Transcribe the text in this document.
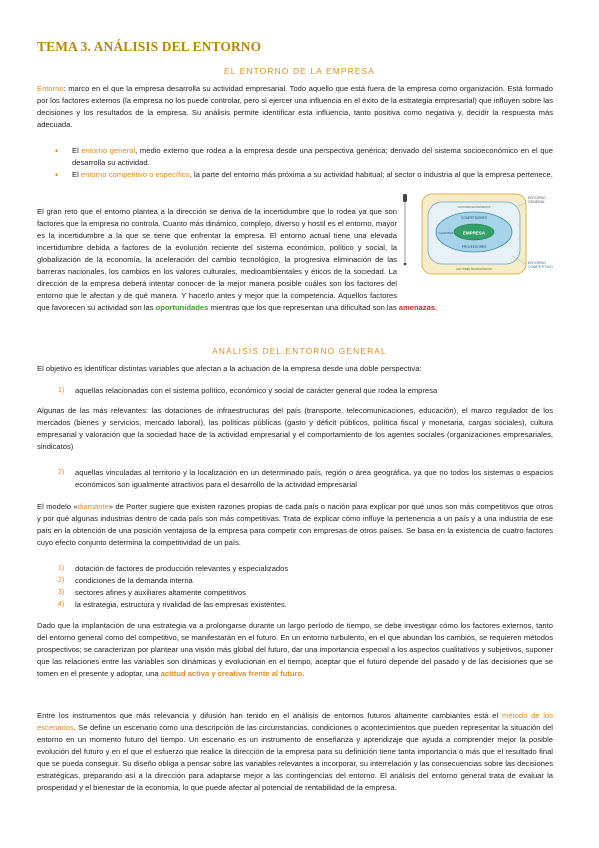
TEMA 3. ANÁLISIS DEL ENTORNO
EL ENTORNO DE LA EMPRESA
Entorno: marco en el que la empresa desarrolla su actividad empresarial. Todo aquello que está fuera de la empresa como organización. Está formado por los factores externos (la empresa no los puede controlar, pero si ejercer una influencia en el éxito de la estrategia empresarial) que influyen sobre las decisiones y los resultados de la empresa. Su análisis permite identificar esta influencia, tanto positiva como negativa y, decidir la respuesta más adecuada.
• El entorno general, medio externo que rodea a la empresa desde una perspectiva genérica; derivado del sistema socioeconómico en el que desarrolla su actividad.
• El entorno competitivo o específico, la parte del entorno más próxima a su actividad habitual; al sector o industria al que la empresa pertenece.
El gran reto que el entorno plantea a la dirección se deriva de la incertidumbre que lo rodea ya que son factores que la empresa no controla. Cuanto más dinámico, complejo, diverso y hostil es el entorno, mayor es la incertidumbre a la que se tiene que enfrentar la empresa. El entorno actual tiene una elevada incertidumbre debida a factores de la evolución reciente del sistema económico, político y social, la globalización de la economía, la aceleración del cambio tecnológico, la progresiva eliminación de las barreras nacionales, los cambios en los valores culturales, medioambientales y éticos de la sociedad. La dirección de la empresa deberá intentar conocer de la mejor manera posible cuáles son los factores del entorno que le afectan y de qué manera. Y hacerlo antes y mejor que la competencia. Aquellos factores que favorecen su actividad son las oportunidades mientras que los que representan una dificultad son las amenazas.
EMPRESA
COMPETIDORES
CLIENTES
PROVEEDORES
FACTORES ECONÓMICOS
FACTORES TECNOLÓGICOS
ENTORNO GENERAL
ENTORNO COMPETITIVO
ANÁLISIS DEL ENTORNO GENERAL
El objetivo es identificar distintas variables que afectan a la actuación de la empresa desde una doble perspectiva:
1)	aquellas relacionadas con el sistema político, económico y social de carácter general que rodea la empresa
Algunas de las más relevantes: las dotaciones de infraestructuras del país (transporte, telecomunicaciones, educación), el marco regulador de los mercados (bienes y servicios, mercado laboral), las políticas públicas (gasto y déficit públicos, política fiscal y monetaria, cargas sociales), cultura empresarial y valoración que la sociedad hace de la actividad empresarial y el comportamiento de los agentes sociales (organizaciones empresariales, sindicatos)
2)	aquellas vinculadas al territorio y la localización en un determinado país, región o área geográfica, ya que no todos los sistemas o espacios económicos son igualmente atractivos para el desarrollo de la actividad empresarial
El modelo «diamante» de Porter sugiere que existen razones propias de cada país o nación para explicar por qué unos son más competitivos que otros y por qué algunas industrias dentro de cada país son más competitivas. Trata de explicar cómo influye la pertenencia a un país y a una industria de ese país en la obtención de una posición ventajosa de la empresa para competir con empresas de otros países. Se basa en la existencia de cuatro factores cuyo efecto conjunto determina la competitividad de un país.
1)	dotación de factores de producción relevantes y especializados
2)	condiciones de la demanda interna
3)	sectores afines y auxiliares altamente competitivos
4)	la estrategia, estructura y rivalidad de las empresas existentes.
Dado que la implantación de una estrategia va a prolongarse durante un largo período de tiempo, se debe investigar cómo los factores externos, tanto del entorno general como del competitivo, se manifestarán en el futuro. En un entorno turbulento, en el que abundan los cambios, se requieren métodos prospectivos; se caracterizan por plantear una visión más global del futuro, dar una importancia especial a los aspectos cualitativos y subjetivos, suponer que las relaciones entre las variables son dinámicas y evolucionan en el tiempo, aceptar que el futuro depende del pasado y de las decisiones que se tomen en el presente y adoptar, una actitud activa y creativa frente al futuro.
Entre los instrumentos que más relevancia y difusión han tenido en el análisis de entornos futuros altamente cambiantes está el método de los escenarios. Se define un escenario como una descripción de las circunstancias, condiciones o acontecimientos que pueden representar la situación del entorno en un momento futuro del tiempo. Un escenario es un instrumento de enseñanza y aprendizaje que ayuda a comprender mejor la posible evolución del futuro y en el que el esfuerzo que realice la dirección de la empresa para su definición tiene tanta importancia o más que el resultado final que se pueda conseguir. Su diseño obliga a pensar sobre las variables relevantes a incorporar, su interrelación y las consecuencias sobre las decisiones estratégicas, preparando así a la dirección para adaptarse mejor a las contingencias del entorno. El análisis del entorno general trata de evaluar la prosperidad y el bienestar de la economía, lo que puede afectar al potencial de rentabilidad de la empresa.
